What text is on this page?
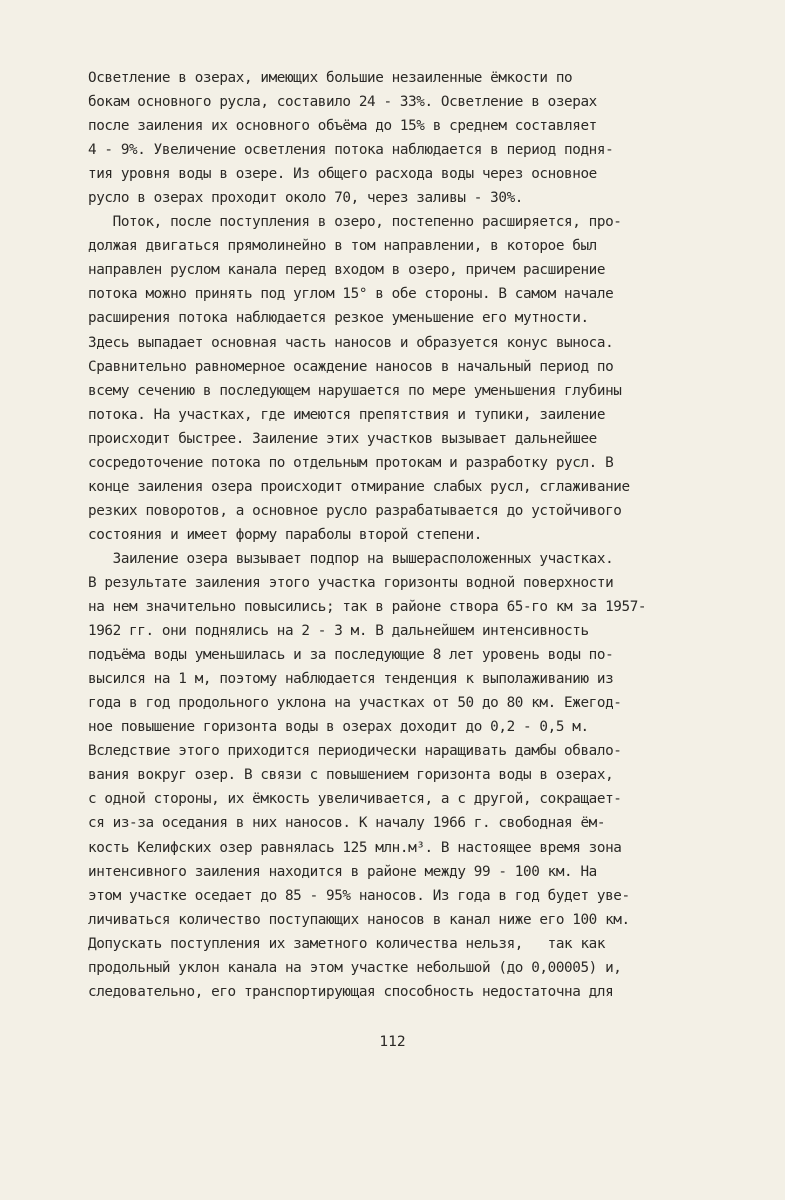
Осветление в озерах, имеющих большие незаиленные ёмкости по
бокам основного русла, составило 24 - 33%. Осветление в озерах
после заиления их основного объёма до 15% в среднем составляет
4 - 9%. Увеличение осветления потока наблюдается в период подня-
тия уровня воды в озере. Из общего расхода воды через основное
русло в озерах проходит около 70, через заливы - 30%.
Поток, после поступления в озеро, постепенно расширяется, про-
должая двигаться прямолинейно в том направлении, в которое был
направлен руслом канала перед входом в озеро, причем расширение
потока можно принять под углом 15° в обе стороны. В самом начале
расширения потока наблюдается резкое уменьшение его мутности.
Здесь выпадает основная часть наносов и образуется конус выноса.
Сравнительно равномерное осаждение наносов в начальный период по
всему сечению в последующем нарушается по мере уменьшения глубины
потока. На участках, где имеются препятствия и тупики, заиление
происходит быстрее. Заиление этих участков вызывает дальнейшее
сосредоточение потока по отдельным протокам и разработку русл. В
конце заиления озера происходит отмирание слабых русл, сглаживание
резких поворотов, а основное русло разрабатывается до устойчивого
состояния и имеет форму параболы второй степени.
Заиление озера вызывает подпор на вышерасположенных участках.
В результате заиления этого участка горизонты водной поверхности
на нем значительно повысились; так в районе створа 65-го км за 1957-
1962 гг. они поднялись на 2 - 3 м. В дальнейшем интенсивность
подъёма воды уменьшилась и за последующие 8 лет уровень воды по-
высился на 1 м, поэтому наблюдается тенденция к выполаживанию из
года в год продольного уклона на участках от 50 до 80 км. Ежегод-
ное повышение горизонта воды в озерах доходит до 0,2 - 0,5 м.
Вследствие этого приходится периодически наращивать дамбы обвало-
вания вокруг озер. В связи с повышением горизонта воды в озерах,
с одной стороны, их ёмкость увеличивается, а с другой, сокращает-
ся из-за оседания в них наносов. К началу 1966 г. свободная ём-
кость Келифских озер равнялась 125 млн.м³. В настоящее время зона
интенсивного заиления находится в районе между 99 - 100 км. На
этом участке оседает до 85 - 95% наносов. Из года в год будет уве-
личиваться количество поступающих наносов в канал ниже его 100 км.
Допускать поступления их заметного количества нельзя,   так как
продольный уклон канала на этом участке небольшой (до 0,00005) и,
следовательно, его транспортирующая способность недостаточна для
112
